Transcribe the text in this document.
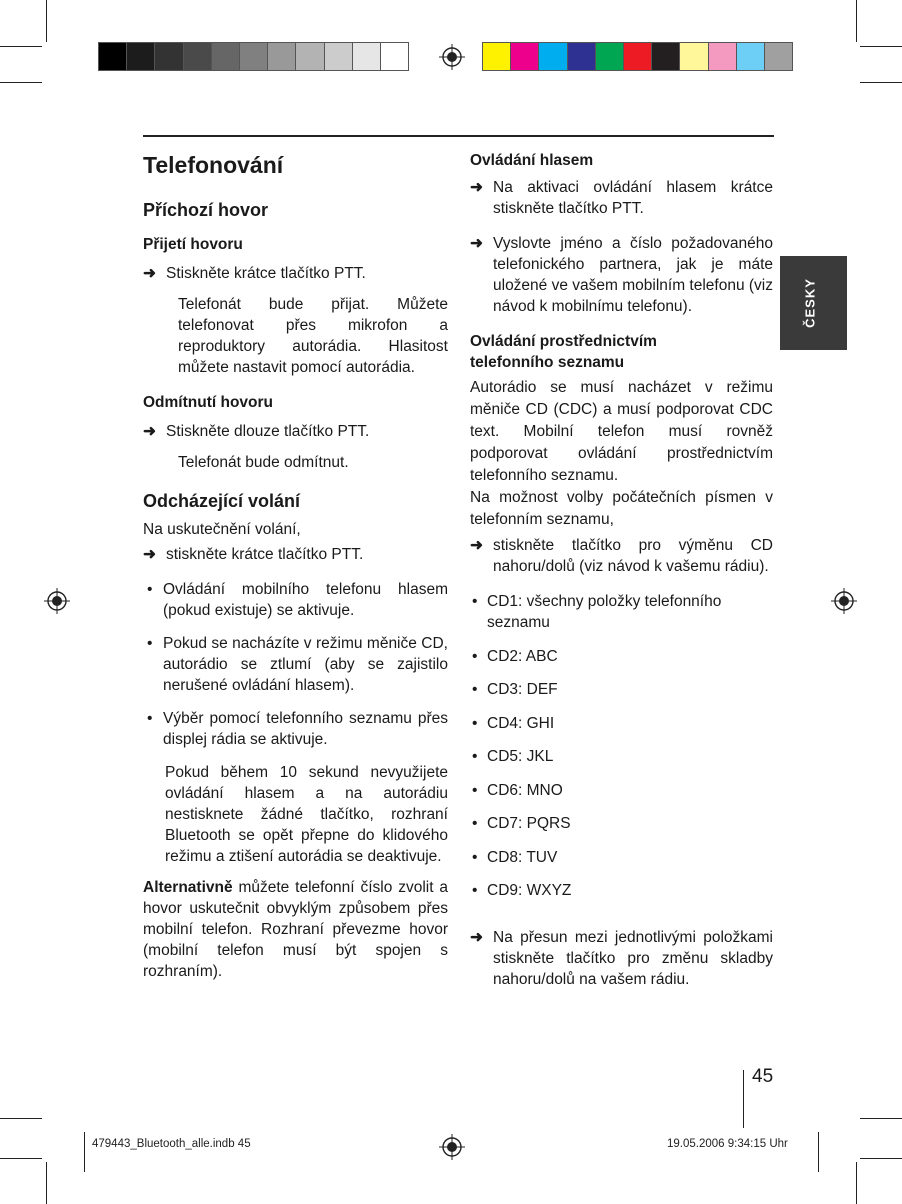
Telefonování
Příchozí hovor
Přijetí hovoru
➜ Stiskněte krátce tlačítko PTT.
Telefonát bude přijat. Můžete telefonovat přes mikrofon a reproduktory autorádia. Hlasitost můžete nastavit pomocí autorádia.
Odmítnutí hovoru
➜ Stiskněte dlouze tlačítko PTT.
Telefonát bude odmítnut.
Odcházející volání
Na uskutečnění volání,
➜ stiskněte krátce tlačítko PTT.
• Ovládání mobilního telefonu hlasem (pokud existuje) se aktivuje.
• Pokud se nacházíte v režimu měniče CD, autorádio se ztlumí (aby se zajistilo nerušené ovládání hlasem).
• Výběr pomocí telefonního seznamu přes displej rádia se aktivuje.
Pokud během 10 sekund nevyužijete ovládání hlasem a na autorádiu nestisknete žádné tlačítko, rozhraní Bluetooth se opět přepne do klidového režimu a ztišení autorádia se deaktivuje.
Alternativně můžete telefonní číslo zvolit a hovor uskutečnit obvyklým způsobem přes mobilní telefon. Rozhraní převezme hovor (mobilní telefon musí být spojen s rozhraním).
Ovládání hlasem
➜ Na aktivaci ovládání hlasem krátce stiskněte tlačítko PTT.
➜ Vyslovte jméno a číslo požadovaného telefonického partnera, jak je máte uložené ve vašem mobilním telefonu (viz návod k mobilnímu telefonu).
Ovládání prostřednictvím
telefonního seznamu
Autorádio se musí nacházet v režimu měniče CD (CDC) a musí podporovat CDC text. Mobilní telefon musí rovněž podporovat ovládání prostřednictvím telefonního seznamu.
Na možnost volby počátečních písmen v telefonním seznamu,
➜ stiskněte tlačítko pro výměnu CD nahoru/dolů (viz návod k vašemu rádiu).
• CD1: všechny položky telefonního seznamu
• CD2: ABC
• CD3: DEF
• CD4: GHI
• CD5: JKL
• CD6: MNO
• CD7: PQRS
• CD8: TUV
• CD9: WXYZ
➜ Na přesun mezi jednotlivými položkami stiskněte tlačítko pro změnu skladby nahoru/dolů na vašem rádiu.
ČESKY
45
479443_Bluetooth_alle.indb 45	19.05.2006 9:34:15 Uhr
